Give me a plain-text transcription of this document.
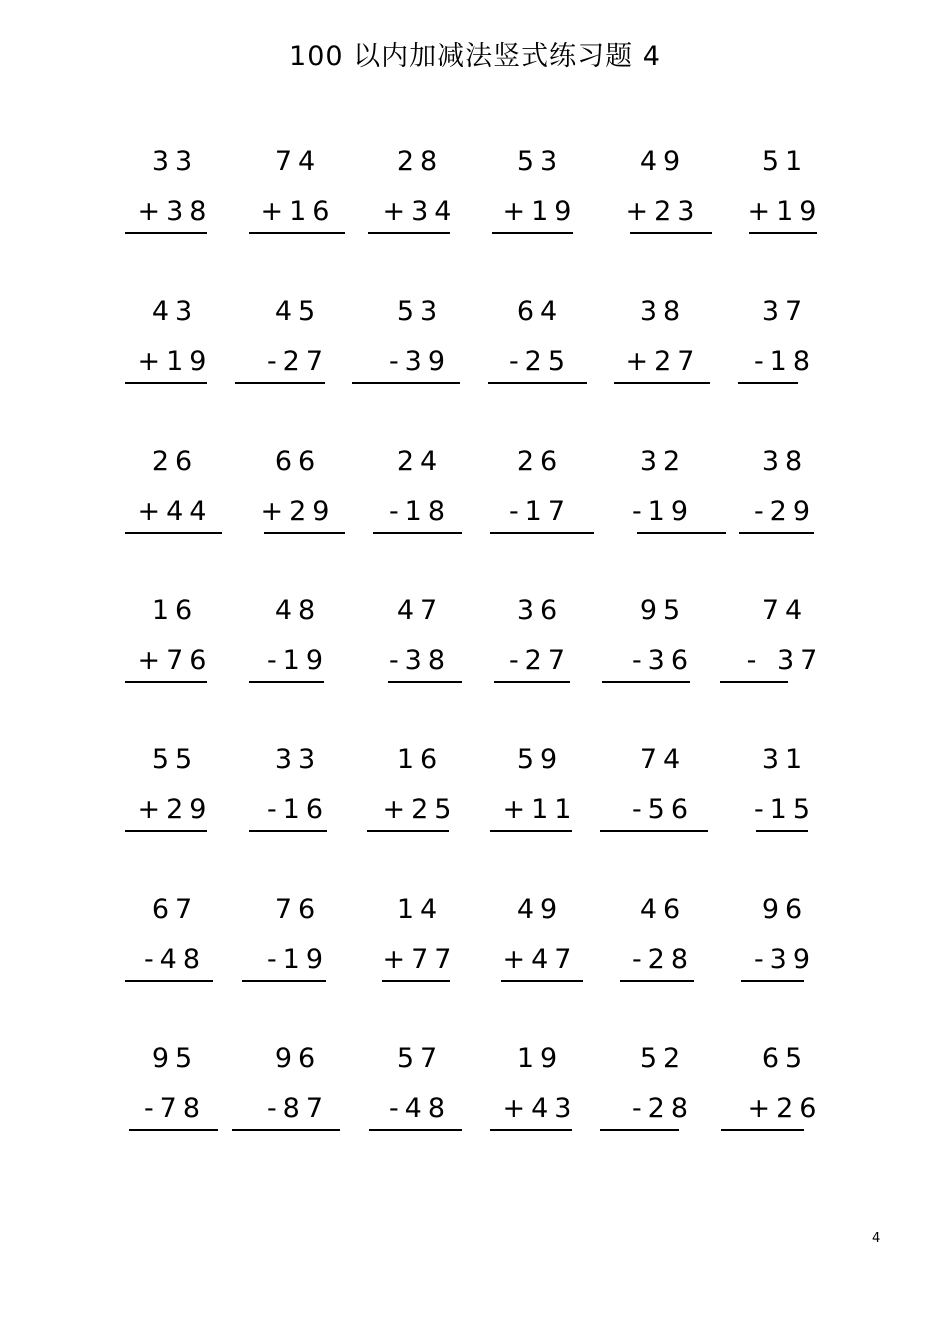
100 以内加减法竖式练习题 4
33
+38
74
+16
28
+34
53
+19
49
+23
51
+19
43
+19
45
-27
53
-39
64
-25
38
+27
37
-18
26
+44
66
+29
24
-18
26
-17
32
-19
38
-29
16
+76
48
-19
47
-38
36
-27
95
-36
74
- 37
55
+29
33
-16
16
+25
59
+11
74
-56
31
-15
67
-48
76
-19
14
+77
49
+47
46
-28
96
-39
95
-78
96
-87
57
-48
19
+43
52
-28
65
+26
4
